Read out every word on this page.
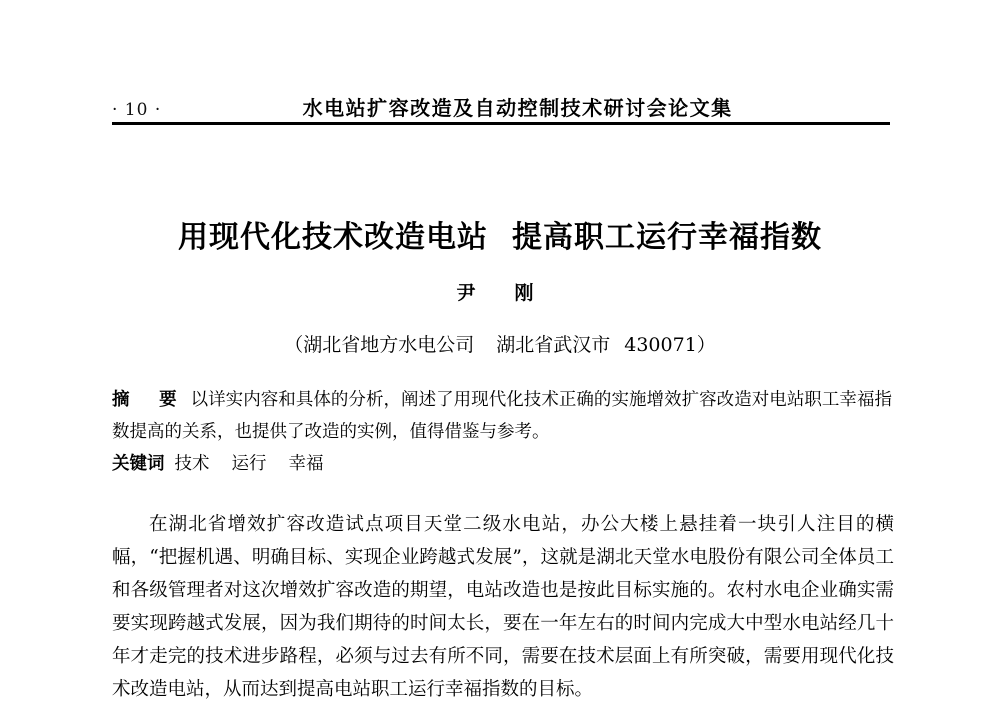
· 10 ·	水电站扩容改造及自动控制技术研讨会论文集
用现代化技术改造电站 提高职工运行幸福指数
尹　刚
（湖北省地方水电公司 湖北省武汉市 430071）
摘　要 以详实内容和具体的分析，阐述了用现代化技术正确的实施增效扩容改造对电站职工幸福指数提高的关系，也提供了改造的实例，值得借鉴与参考。
关键词 技术 运行 幸福

在湖北省增效扩容改造试点项目天堂二级水电站，办公大楼上悬挂着一块引人注目的横幅，“把握机遇、明确目标、实现企业跨越式发展”，这就是湖北天堂水电股份有限公司全体员工和各级管理者对这次增效扩容改造的期望，电站改造也是按此目标实施的。农村水电企业确实需要实现跨越式发展，因为我们期待的时间太长，要在一年左右的时间内完成大中型水电站经几十年才走完的技术进步路程，必须与过去有所不同，需要在技术层面上有所突破，需要用现代化技术改造电站，从而达到提高电站职工运行幸福指数的目标。
